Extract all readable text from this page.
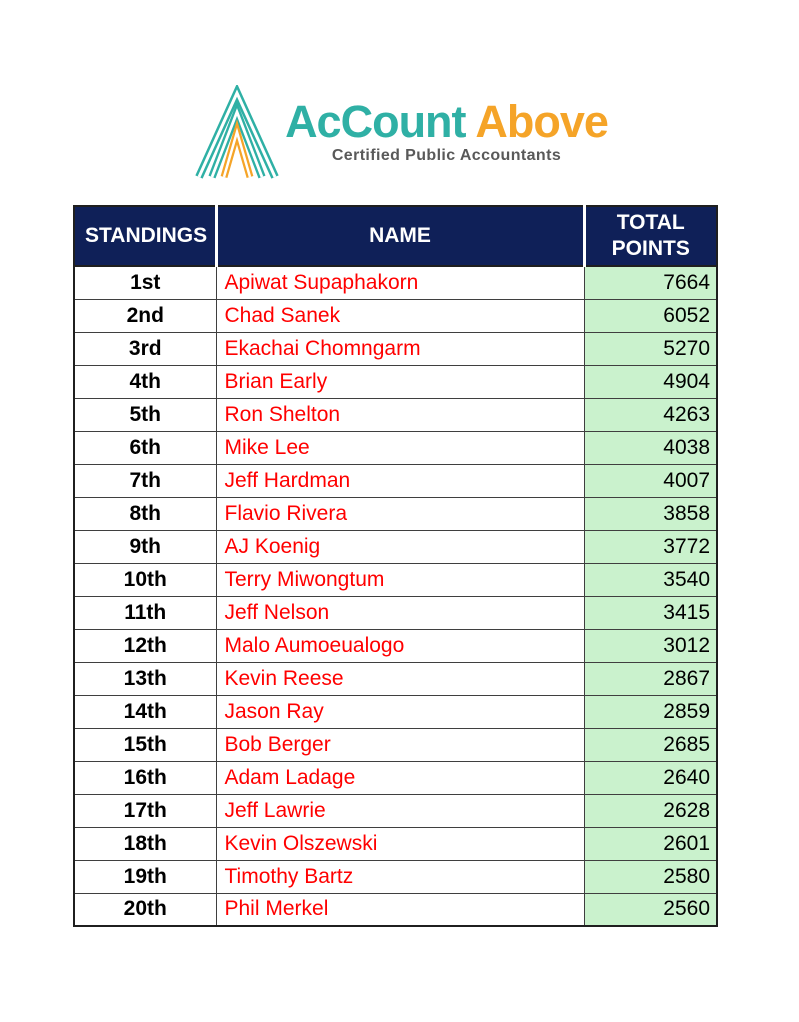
AcCount Above
Certified Public Accountants
STANDINGS	NAME	TOTAL POINTS
1st	Apiwat Supaphakorn	7664
2nd	Chad Sanek	6052
3rd	Ekachai Chomngarm	5270
4th	Brian Early	4904
5th	Ron Shelton	4263
6th	Mike Lee	4038
7th	Jeff Hardman	4007
8th	Flavio Rivera	3858
9th	AJ Koenig	3772
10th	Terry Miwongtum	3540
11th	Jeff Nelson	3415
12th	Malo Aumoeualogo	3012
13th	Kevin Reese	2867
14th	Jason Ray	2859
15th	Bob Berger	2685
16th	Adam Ladage	2640
17th	Jeff Lawrie	2628
18th	Kevin Olszewski	2601
19th	Timothy Bartz	2580
20th	Phil Merkel	2560
